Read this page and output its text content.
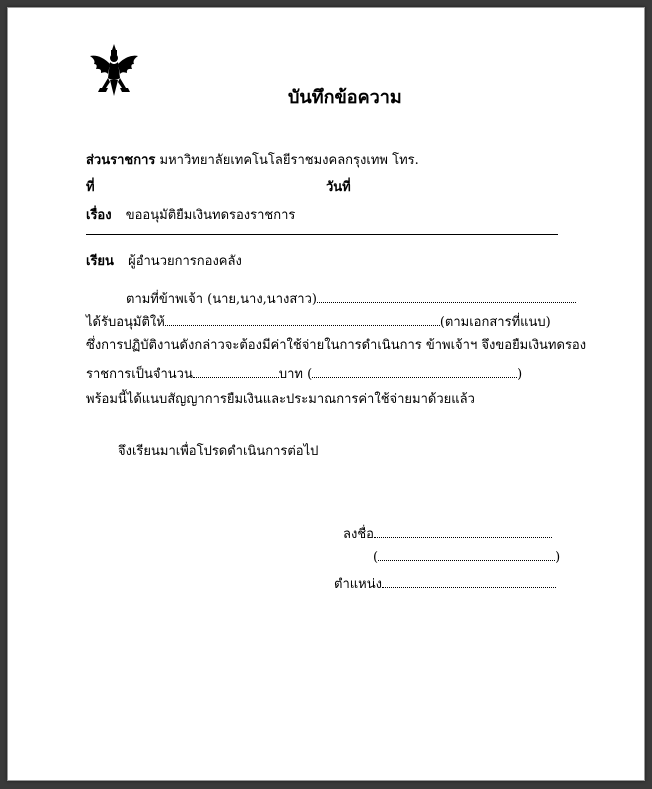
บันทึกข้อความ
ส่วนราชการ มหาวิทยาลัยเทคโนโลยีราชมงคลกรุงเทพ โทร.
ที่	วันที่
เรื่อง ขออนุมัติยืมเงินทดรองราชการ
เรียน ผู้อำนวยการกองคลัง
ตามที่ข้าพเจ้า (นาย,นาง,นางสาว)
ได้รับอนุมัติให้	(ตามเอกสารที่แนบ)
ซึ่งการปฏิบัติงานดังกล่าวจะต้องมีค่าใช้จ่ายในการดำเนินการ ข้าพเจ้าฯ จึงขอยืมเงินทดรอง
ราชการเป็นจำนวน	บาท (	)
พร้อมนี้ได้แนบสัญญาการยืมเงินและประมาณการค่าใช้จ่ายมาด้วยแล้ว
จึงเรียนมาเพื่อโปรดดำเนินการต่อไป
ลงชื่อ
(	)
ตำแหน่ง
